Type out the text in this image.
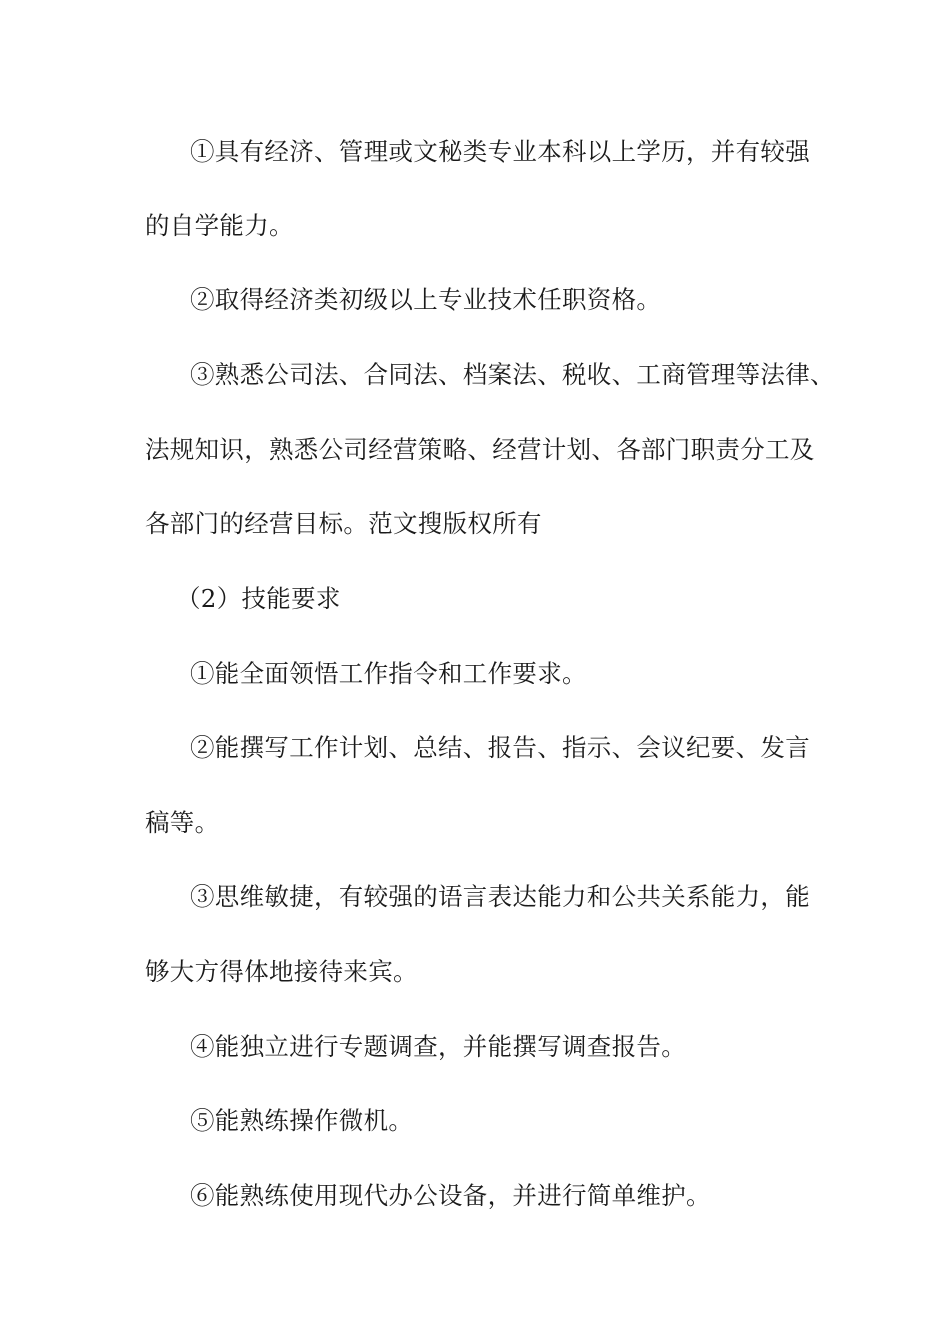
①具有经济、管理或文秘类专业本科以上学历，并有较强
的自学能力。
②取得经济类初级以上专业技术任职资格。
③熟悉公司法、合同法、档案法、税收、工商管理等法律、
法规知识，熟悉公司经营策略、经营计划、各部门职责分工及
各部门的经营目标。范文搜版权所有
（2）技能要求
①能全面领悟工作指令和工作要求。
②能撰写工作计划、总结、报告、指示、会议纪要、发言
稿等。
③思维敏捷，有较强的语言表达能力和公共关系能力，能
够大方得体地接待来宾。
④能独立进行专题调查，并能撰写调查报告。
⑤能熟练操作微机。
⑥能熟练使用现代办公设备，并进行简单维护。
